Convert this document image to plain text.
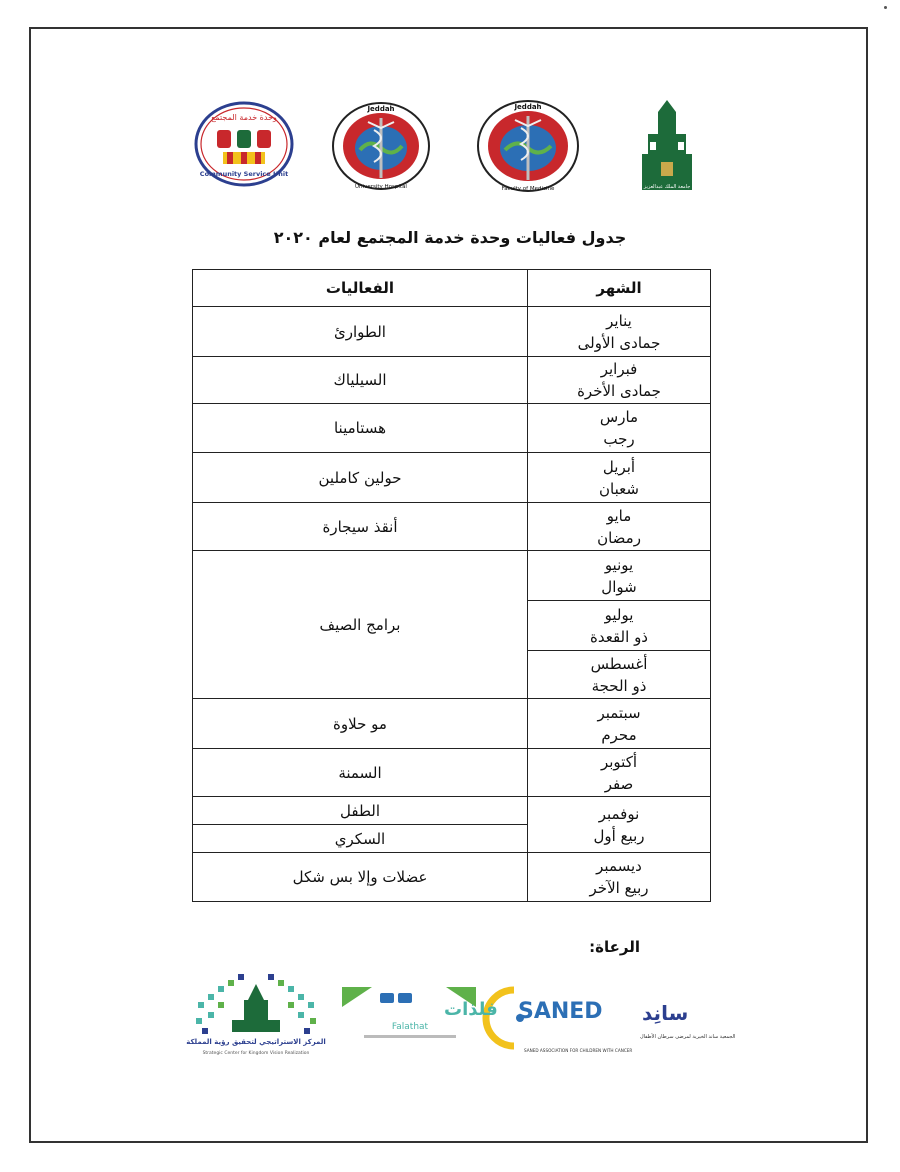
وحدة خدمة المجتمع
Community Service Unit
Jeddah
University Hospital
Jeddah
Faculty of Medicine	جامعة الملك عبدالعزيز
جدول فعاليات وحدة خدمة المجتمع لعام ٢٠٢٠
الشهر	الفعاليات

يناير
جمادى الأولى	الطوارئ

فبراير
جمادى الأخرة	السيلياك

مارس
رجب	هستامينا

أبريل
شعبان	حولين كاملين

مايو
رمضان	أنقذ سيجارة

يونيو
شوال	برامج الصيف

يوليو
ذو القعدة	

أغسطس
ذو الحجة	

سبتمبر
محرم	مو حلاوة

أكتوبر
صفر	السمنة

نوفمبر
ربيع أول	الطفل
	السكري

ديسمبر
ربيع الآخر	عضلات وإلا بس شكل
الرعاة:
SANED سانِد
الجمعية ساند الخيرية لمرضى سرطان الأطفال
SANED ASSOCIATION FOR CHILDREN WITH CANCER
فلذات
Falathat
المركز الاستراتيجي لتحقيق رؤية المملكة
Strategic Center for Kingdom Vision Realization
